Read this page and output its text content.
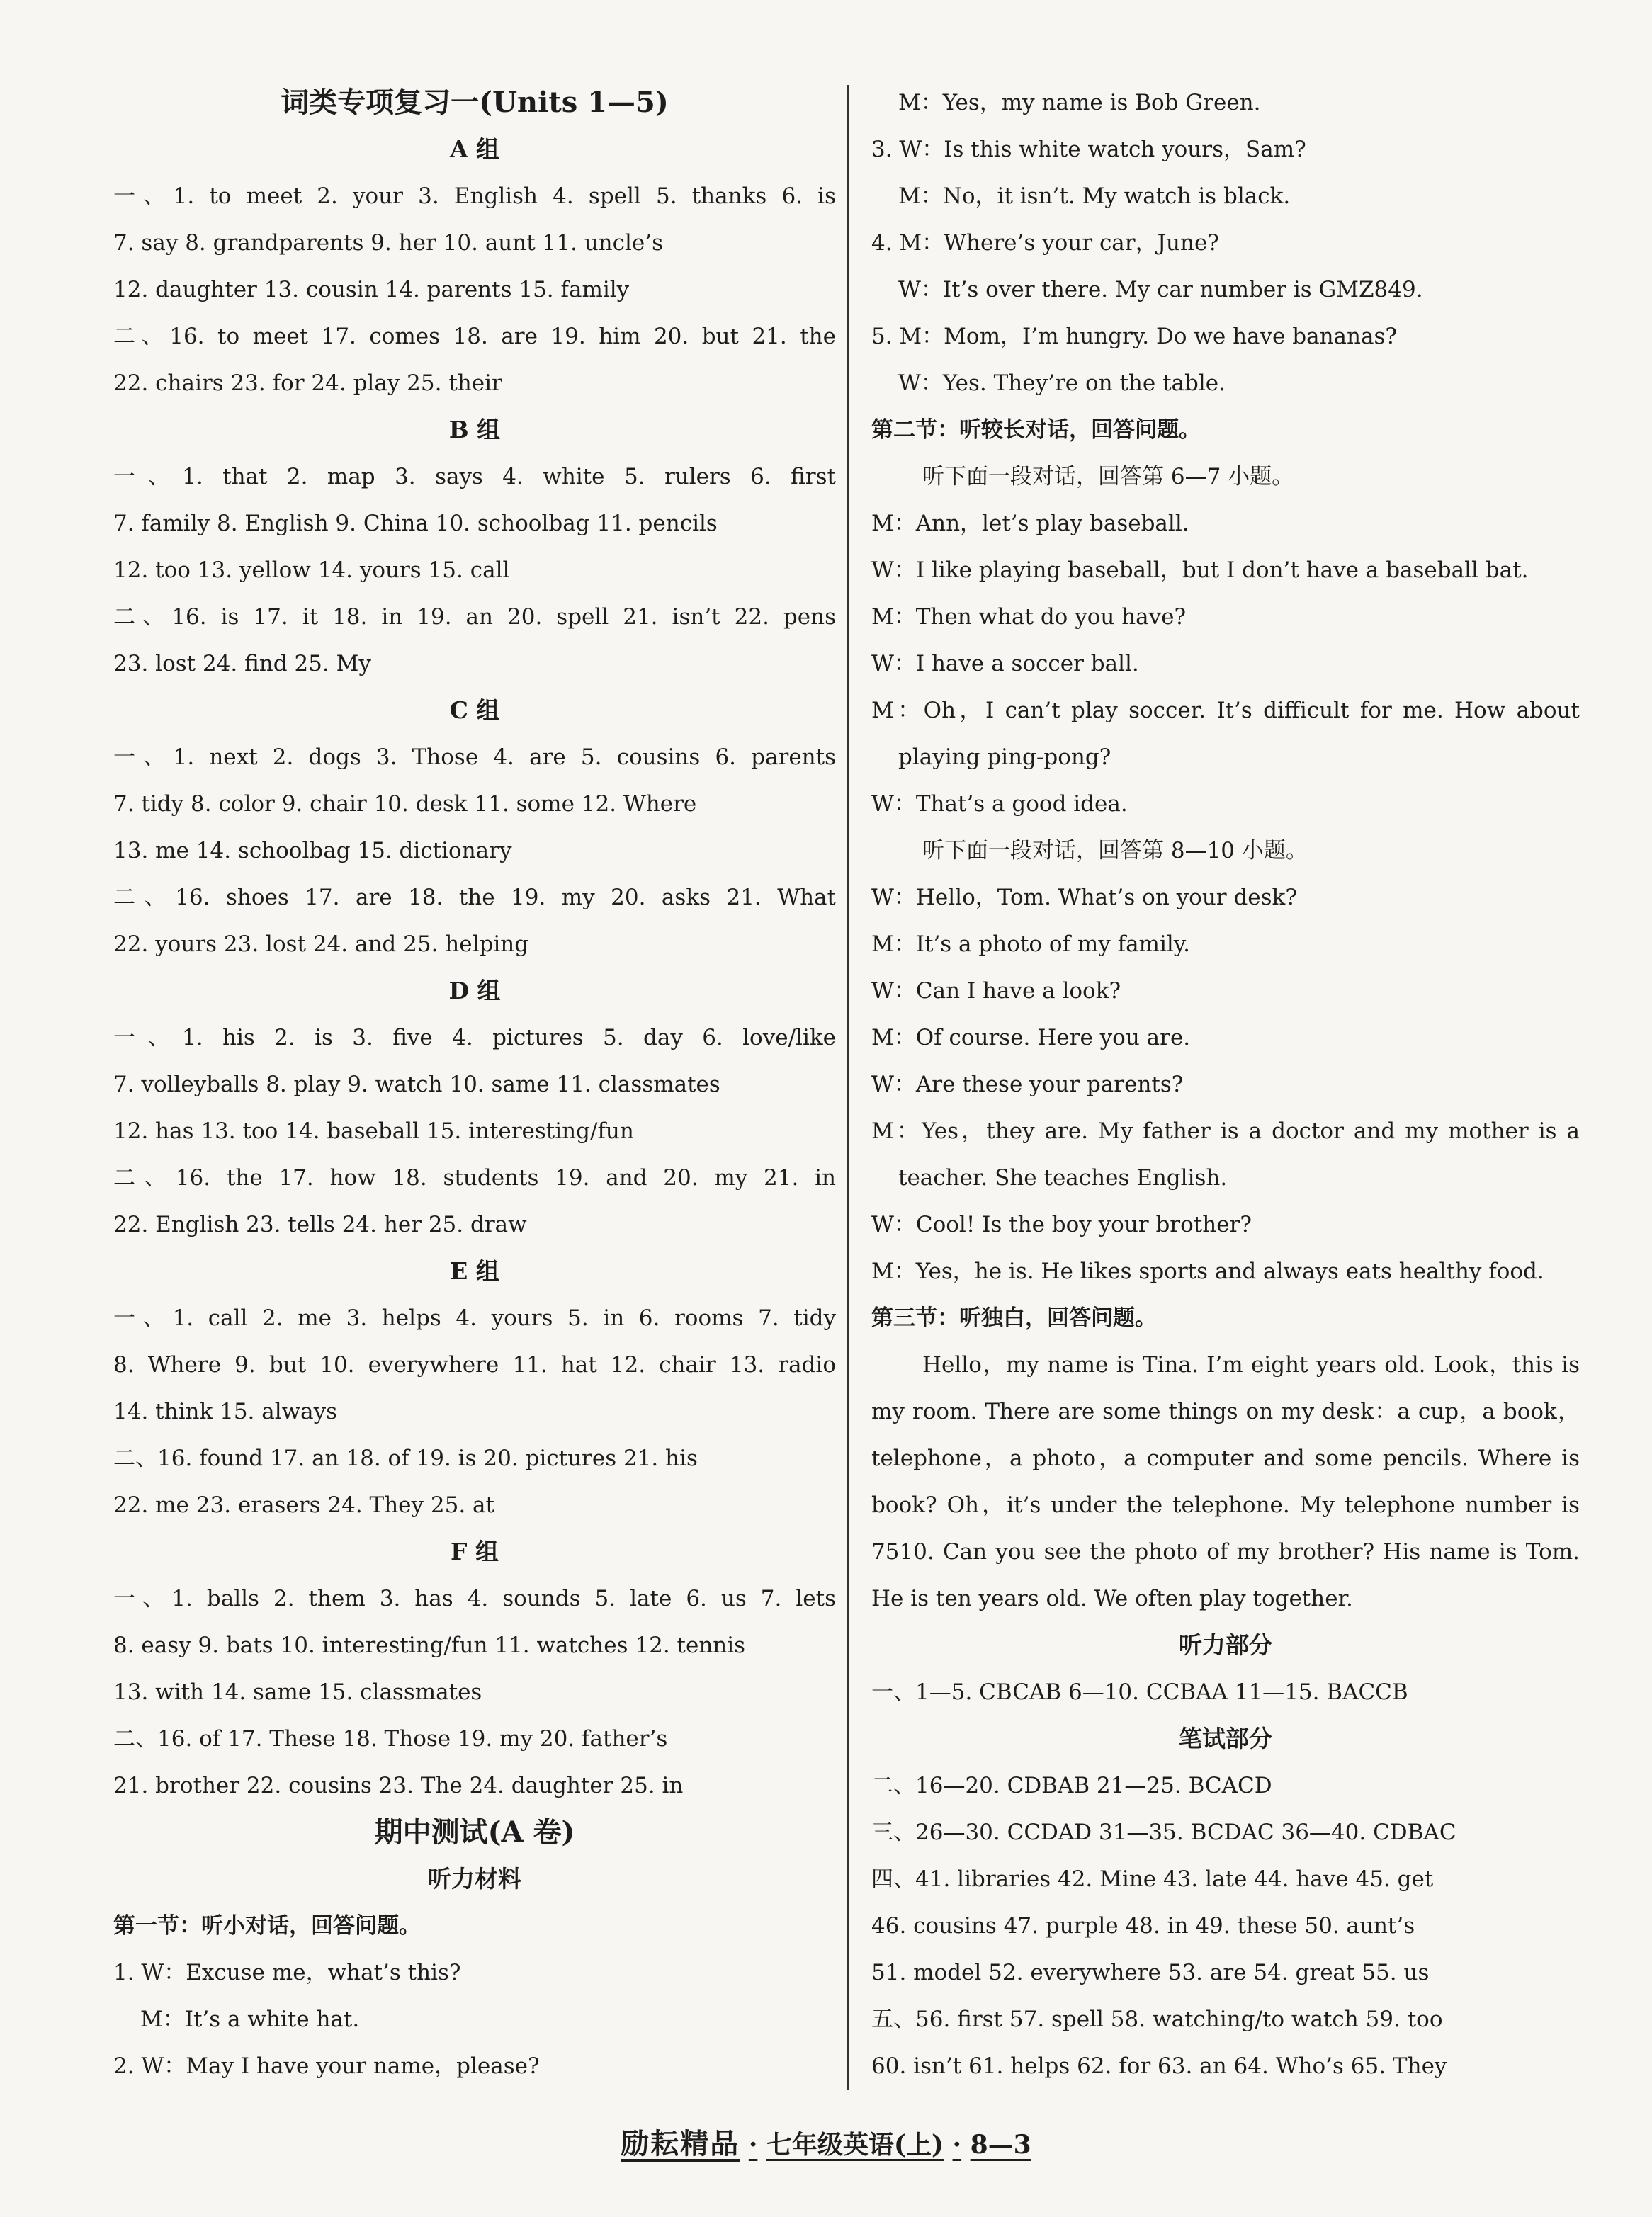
词类专项复习一(Units 1—5)
A 组
一、1. to meet 2. your 3. English 4. spell 5. thanks 6. is
7. say 8. grandparents 9. her 10. aunt 11. uncle’s
12. daughter 13. cousin 14. parents 15. family
二、16. to meet 17. comes 18. are 19. him 20. but 21. the
22. chairs 23. for 24. play 25. their
B 组
一、1. that 2. map 3. says 4. white 5. rulers 6. first
7. family 8. English 9. China 10. schoolbag 11. pencils
12. too 13. yellow 14. yours 15. call
二、16. is 17. it 18. in 19. an 20. spell 21. isn’t 22. pens
23. lost 24. find 25. My
C 组
一、1. next 2. dogs 3. Those 4. are 5. cousins 6. parents
7. tidy 8. color 9. chair 10. desk 11. some 12. Where
13. me 14. schoolbag 15. dictionary
二、16. shoes 17. are 18. the 19. my 20. asks 21. What
22. yours 23. lost 24. and 25. helping
D 组
一、1. his 2. is 3. five 4. pictures 5. day 6. love/like
7. volleyballs 8. play 9. watch 10. same 11. classmates
12. has 13. too 14. baseball 15. interesting/fun
二、16. the 17. how 18. students 19. and 20. my 21. in
22. English 23. tells 24. her 25. draw
E 组
一、1. call 2. me 3. helps 4. yours 5. in 6. rooms 7. tidy
8. Where 9. but 10. everywhere 11. hat 12. chair 13. radio
14. think 15. always
二、16. found 17. an 18. of 19. is 20. pictures 21. his
22. me 23. erasers 24. They 25. at
F 组
一、1. balls 2. them 3. has 4. sounds 5. late 6. us 7. lets
8. easy 9. bats 10. interesting/fun 11. watches 12. tennis
13. with 14. same 15. classmates
二、16. of 17. These 18. Those 19. my 20. father’s
21. brother 22. cousins 23. The 24. daughter 25. in
期中测试(A 卷)
听力材料
第一节：听小对话，回答问题。
1. W：Excuse me，what’s this?
M：It’s a white hat.
2. W：May I have your name，please?
M：Yes，my name is Bob Green.
3. W：Is this white watch yours，Sam?
M：No，it isn’t. My watch is black.
4. M：Where’s your car，June?
W：It’s over there. My car number is GMZ849.
5. M：Mom，I’m hungry. Do we have bananas?
W：Yes. They’re on the table.
第二节：听较长对话，回答问题。
听下面一段对话，回答第 6—7 小题。
M：Ann，let’s play baseball.
W：I like playing baseball，but I don’t have a baseball bat.
M：Then what do you have?
W：I have a soccer ball.
M：Oh，I can’t play soccer. It’s difficult for me. How about
playing ping-pong?
W：That’s a good idea.
听下面一段对话，回答第 8—10 小题。
W：Hello，Tom. What’s on your desk?
M：It’s a photo of my family.
W：Can I have a look?
M：Of course. Here you are.
W：Are these your parents?
M：Yes，they are. My father is a doctor and my mother is a
teacher. She teaches English.
W：Cool! Is the boy your brother?
M：Yes，he is. He likes sports and always eats healthy food.
第三节：听独白，回答问题。
Hello，my name is Tina. I’m eight years old. Look，this is
my room. There are some things on my desk：a cup，a book，
telephone，a photo，a computer and some pencils. Where is
book? Oh，it’s under the telephone. My telephone number is
7510. Can you see the photo of my brother? His name is Tom.
He is ten years old. We often play together.
听力部分
一、1—5. CBCAB 6—10. CCBAA 11—15. BACCB
笔试部分
二、16—20. CDBAB 21—25. BCACD
三、26—30. CCDAD 31—35. BCDAC 36—40. CDBAC
四、41. libraries 42. Mine 43. late 44. have 45. get
46. cousins 47. purple 48. in 49. these 50. aunt’s
51. model 52. everywhere 53. are 54. great 55. us
五、56. first 57. spell 58. watching/to watch 59. too
60. isn’t 61. helps 62. for 63. an 64. Who’s 65. They
励耘精品 · 七年级英语(上) · 8—3
